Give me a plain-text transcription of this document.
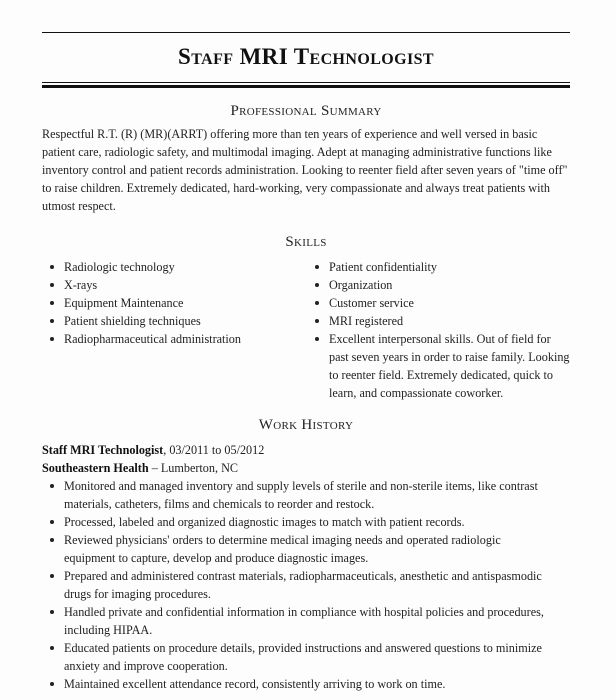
Staff MRI Technologist
Professional Summary
Respectful R.T. (R) (MR)(ARRT) offering more than ten years of experience and well versed in basic patient care, radiologic safety, and multimodal imaging. Adept at managing administrative functions like inventory control and patient records administration. Looking to reenter field after seven years of "time off" to raise children. Extremely dedicated, hard-working, very compassionate and always treat patients with utmost respect.
Skills
Radiologic technology
X-rays
Equipment Maintenance
Patient shielding techniques
Radiopharmaceutical administration
Patient confidentiality
Organization
Customer service
MRI registered
Excellent interpersonal skills. Out of field for past seven years in order to raise family. Looking to reenter field. Extremely dedicated, quick to learn, and compassionate coworker.
Work History
Staff MRI Technologist, 03/2011 to 05/2012
Southeastern Health – Lumberton, NC
Monitored and managed inventory and supply levels of sterile and non-sterile items, like contrast materials, catheters, films and chemicals to reorder and restock.
Processed, labeled and organized diagnostic images to match with patient records.
Reviewed physicians' orders to determine medical imaging needs and operated radiologic equipment to capture, develop and produce diagnostic images.
Prepared and administered contrast materials, radiopharmaceuticals, anesthetic and antispasmodic drugs for imaging procedures.
Handled private and confidential information in compliance with hospital policies and procedures, including HIPAA.
Educated patients on procedure details, provided instructions and answered questions to minimize anxiety and improve cooperation.
Maintained excellent attendance record, consistently arriving to work on time.
